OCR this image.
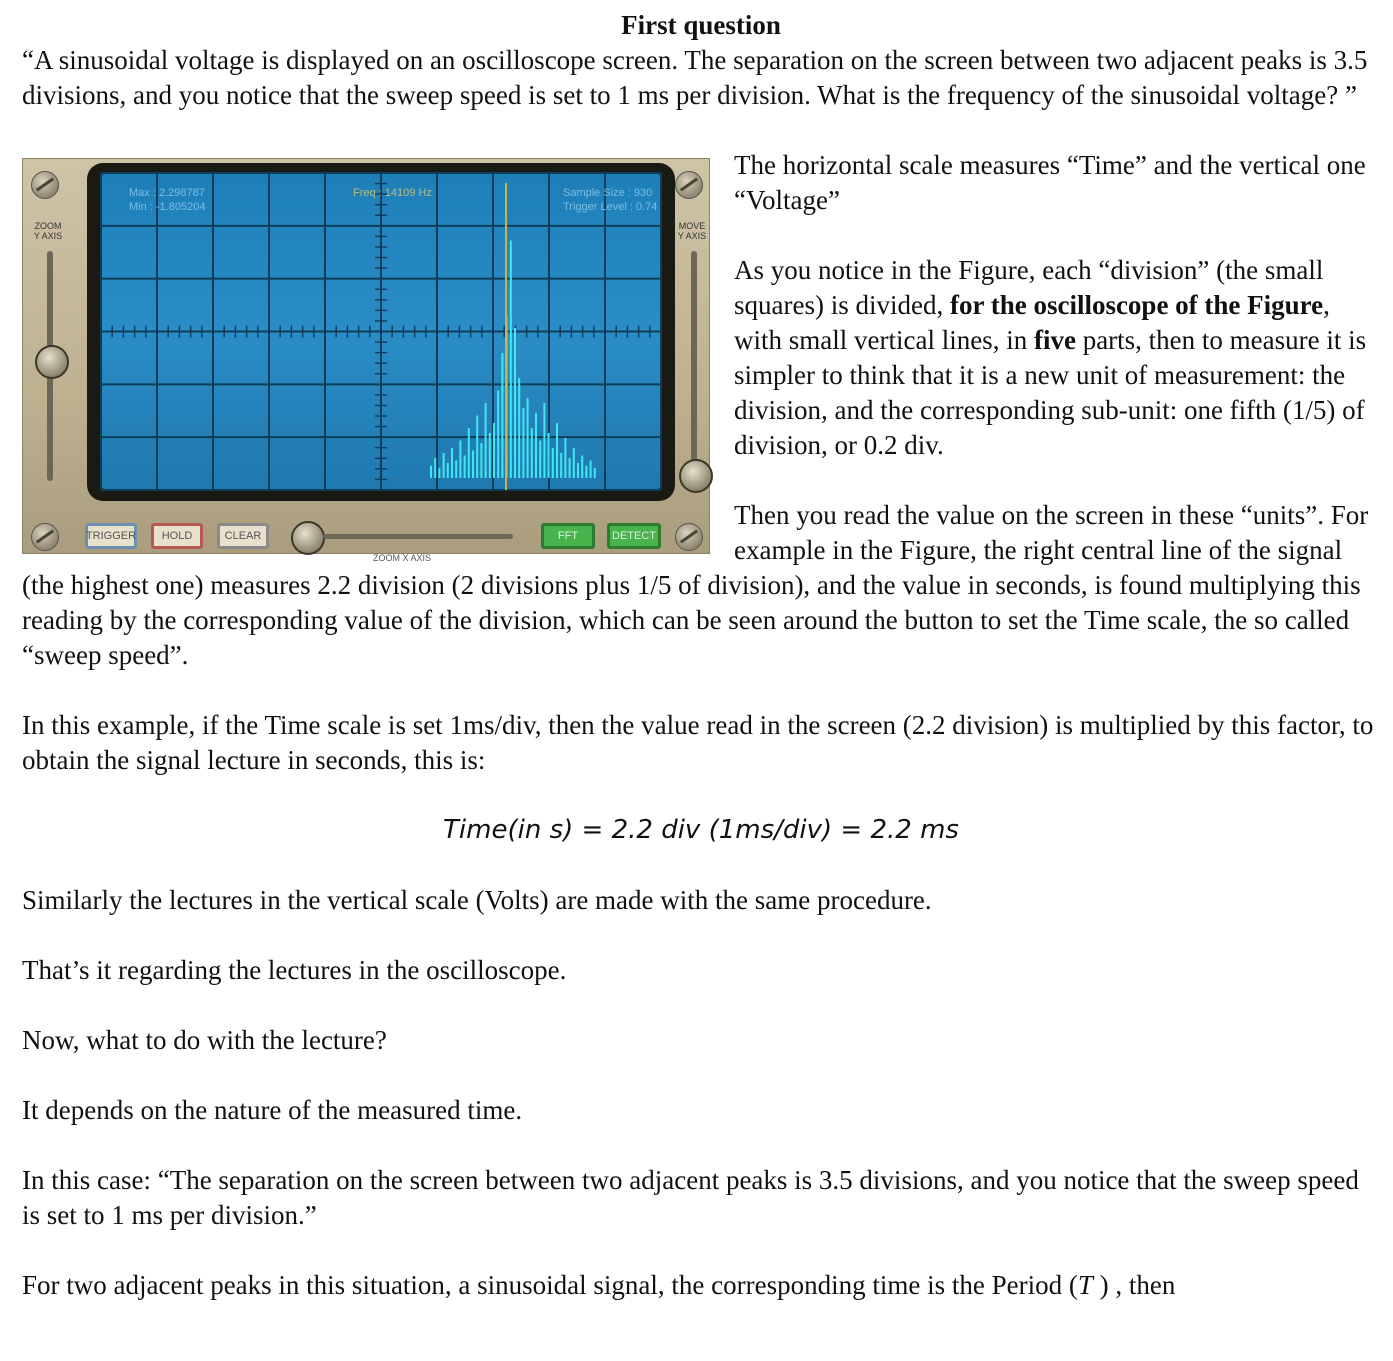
First question

“A sinusoidal voltage is displayed on an oscilloscope screen. The separation on the screen between two adjacent peaks is 3.5 divisions, and you notice that the sweep speed is set to 1 ms per division. What is the frequency of the sinusoidal voltage? ”

ZOOM Y AXIS
MOVE Y AXIS
Max : 2.298787
Min : -1.805204
Freq : 14109 Hz	Sample Size : 930
Trigger Level : 0.74
TRIGGER	HOLD	CLEAR
ZOOM X AXIS
FFT	DETECT

The horizontal scale measures “Time” and the vertical one “Voltage”

As you notice in the Figure, each “division” (the small squares) is divided, for the oscilloscope of the Figure, with small vertical lines, in five parts, then to measure it is simpler to think that it is a new unit of measurement: the division, and the corresponding sub-unit: one fifth (1/5) of division, or 0.2 div.

Then you read the value on the screen in these “units”. For example in the Figure, the right central line of the signal (the highest one) measures 2.2 division (2 divisions plus 1/5 of division), and the value in seconds, is found multiplying this reading by the corresponding value of the division, which can be seen around the button to set the Time scale, the so called “sweep speed”.

In this example, if the Time scale is set 1ms/div, then the value read in the screen (2.2 division) is multiplied by this factor, to obtain the signal lecture in seconds, this is:

Time(in s) = 2.2 div (1ms/div) = 2.2 ms

Similarly the lectures in the vertical scale (Volts) are made with the same procedure.

That’s it regarding the lectures in the oscilloscope.

Now, what to do with the lecture?

It depends on the nature of the measured time.

In this case: “The separation on the screen between two adjacent peaks is 3.5 divisions, and you notice that the sweep speed is set to 1 ms per division.”

For two adjacent peaks in this situation, a sinusoidal signal, the corresponding time is the Period (T ) , then
